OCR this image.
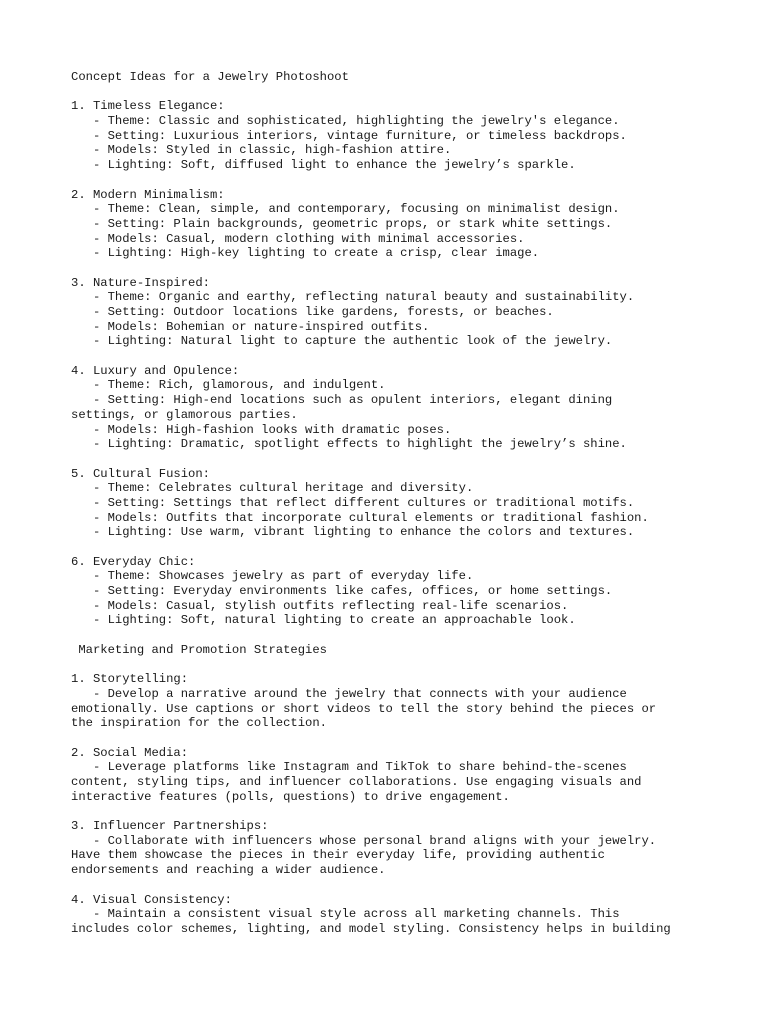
Concept Ideas for a Jewelry Photoshoot
1. Timeless Elegance:
- Theme: Classic and sophisticated, highlighting the jewelry's elegance.
- Setting: Luxurious interiors, vintage furniture, or timeless backdrops.
- Models: Styled in classic, high-fashion attire.
- Lighting: Soft, diffused light to enhance the jewelry’s sparkle.
2. Modern Minimalism:
- Theme: Clean, simple, and contemporary, focusing on minimalist design.
- Setting: Plain backgrounds, geometric props, or stark white settings.
- Models: Casual, modern clothing with minimal accessories.
- Lighting: High-key lighting to create a crisp, clear image.
3. Nature-Inspired:
- Theme: Organic and earthy, reflecting natural beauty and sustainability.
- Setting: Outdoor locations like gardens, forests, or beaches.
- Models: Bohemian or nature-inspired outfits.
- Lighting: Natural light to capture the authentic look of the jewelry.
4. Luxury and Opulence:
- Theme: Rich, glamorous, and indulgent.
- Setting: High-end locations such as opulent interiors, elegant dining
settings, or glamorous parties.
- Models: High-fashion looks with dramatic poses.
- Lighting: Dramatic, spotlight effects to highlight the jewelry’s shine.
5. Cultural Fusion:
- Theme: Celebrates cultural heritage and diversity.
- Setting: Settings that reflect different cultures or traditional motifs.
- Models: Outfits that incorporate cultural elements or traditional fashion.
- Lighting: Use warm, vibrant lighting to enhance the colors and textures.
6. Everyday Chic:
- Theme: Showcases jewelry as part of everyday life.
- Setting: Everyday environments like cafes, offices, or home settings.
- Models: Casual, stylish outfits reflecting real-life scenarios.
- Lighting: Soft, natural lighting to create an approachable look.
Marketing and Promotion Strategies
1. Storytelling:
- Develop a narrative around the jewelry that connects with your audience
emotionally. Use captions or short videos to tell the story behind the pieces or
the inspiration for the collection.
2. Social Media:
- Leverage platforms like Instagram and TikTok to share behind-the-scenes
content, styling tips, and influencer collaborations. Use engaging visuals and
interactive features (polls, questions) to drive engagement.
3. Influencer Partnerships:
- Collaborate with influencers whose personal brand aligns with your jewelry.
Have them showcase the pieces in their everyday life, providing authentic
endorsements and reaching a wider audience.
4. Visual Consistency:
- Maintain a consistent visual style across all marketing channels. This
includes color schemes, lighting, and model styling. Consistency helps in building
